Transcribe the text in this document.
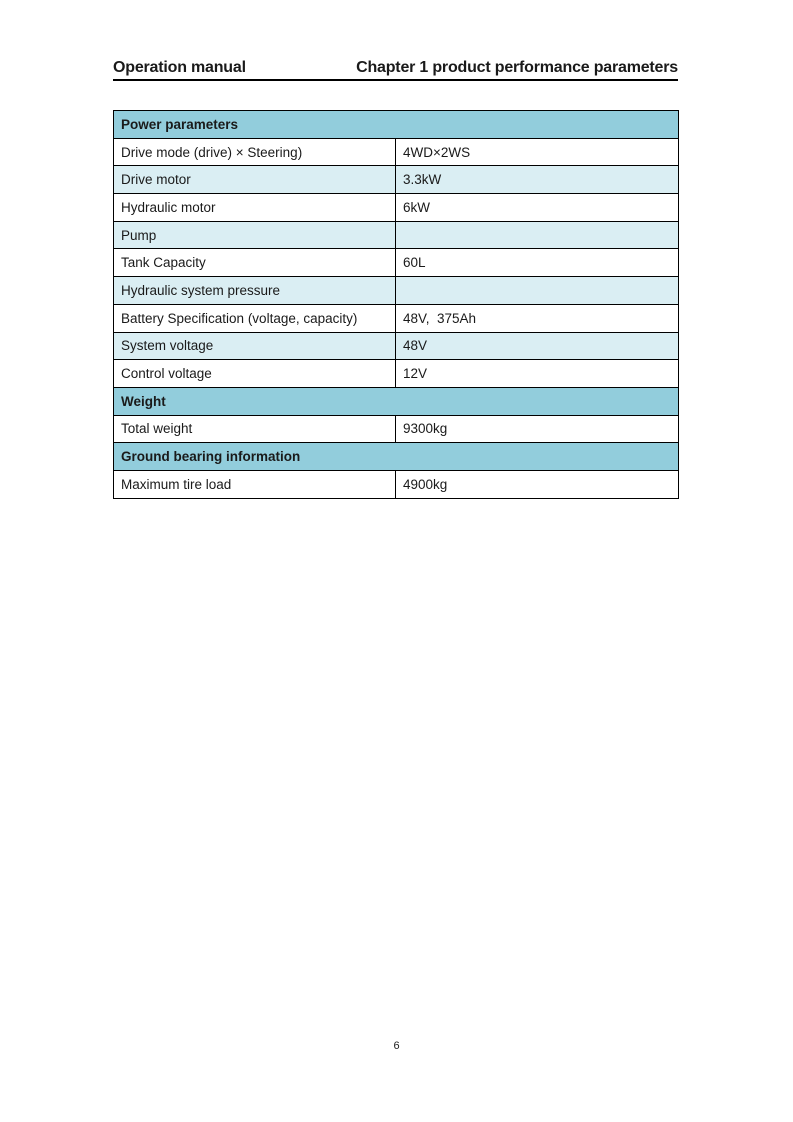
Operation manual	Chapter 1 product performance parameters
Power parameters	
Drive mode (drive) × Steering)	4WD×2WS
Drive motor	3.3kW
Hydraulic motor	6kW
Pump	
Tank Capacity	60L
Hydraulic system pressure	
Battery Specification (voltage, capacity)	48V,  375Ah
System voltage	48V
Control voltage	12V
Weight	
Total weight	9300kg
Ground bearing information	
Maximum tire load	4900kg
6
